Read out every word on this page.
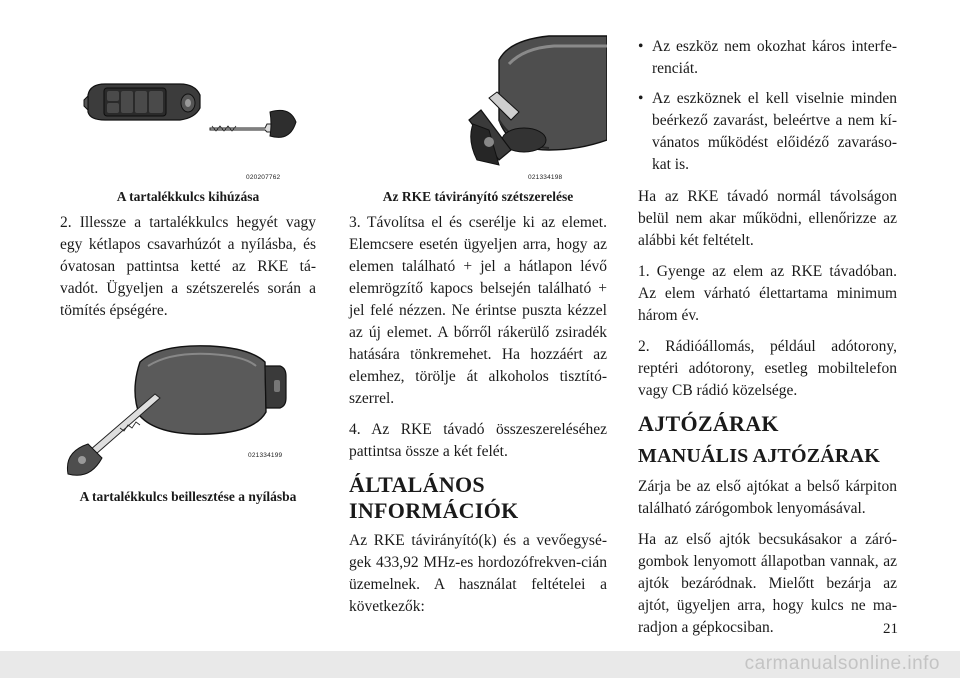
020207762

A tartalékkulcs kihúzása

2. Illessze a tartalékkulcs hegyét vagy egy kétlapos csavarhúzót a nyílásba, és óvatosan pattintsa ketté az RKE tá-vadót. Ügyeljen a szétszerelés során a tömítés épségére.

021334199

A tartalékkulcs beillesztése a nyílásba

021334198

Az RKE távirányító szétszerelése

3. Távolítsa el és cserélje ki az elemet. Elemcsere esetén ügyeljen arra, hogy az elemen található + jel a hátlapon lévő elemrögzítő kapocs belsején található + jel felé nézzen. Ne érintse puszta kézzel az új elemet. A bőrről rákerülő zsiradék hatására tönkremehet. Ha hozzáért az elemhez, törölje át alkoholos tisztító-szerrel.

4. Az RKE távadó összeszereléséhez pattintsa össze a két felét.

ÁLTALÁNOS
INFORMÁCIÓK

Az RKE távirányító(k) és a vevőegysé-gek 433,92 MHz-es hordozófrekven-cián üzemelnek. A használat feltételei a következők:

• Az eszköz nem okozhat káros interfe-renciát.
• Az eszköznek el kell viselnie minden beérkező zavarást, beleértve a nem kí-vánatos működést előidéző zavaráso-kat is.

Ha az RKE távadó normál távolságon belül nem akar működni, ellenőrizze az alábbi két feltételt.

1. Gyenge az elem az RKE távadóban. Az elem várható élettartama minimum három év.

2. Rádióállomás, például adótorony, reptéri adótorony, esetleg mobiltelefon vagy CB rádió közelsége.

AJTÓZÁRAK
MANUÁLIS AJTÓZÁRAK

Zárja be az első ajtókat a belső kárpiton található zárógombok lenyomásával.

Ha az első ajtók becsukásakor a záró-gombok lenyomott állapotban vannak, az ajtók bezáródnak. Mielőtt bezárja az ajtót, ügyeljen arra, hogy kulcs ne ma-radjon a gépkocsiban.	21
carmanualsonline.info
